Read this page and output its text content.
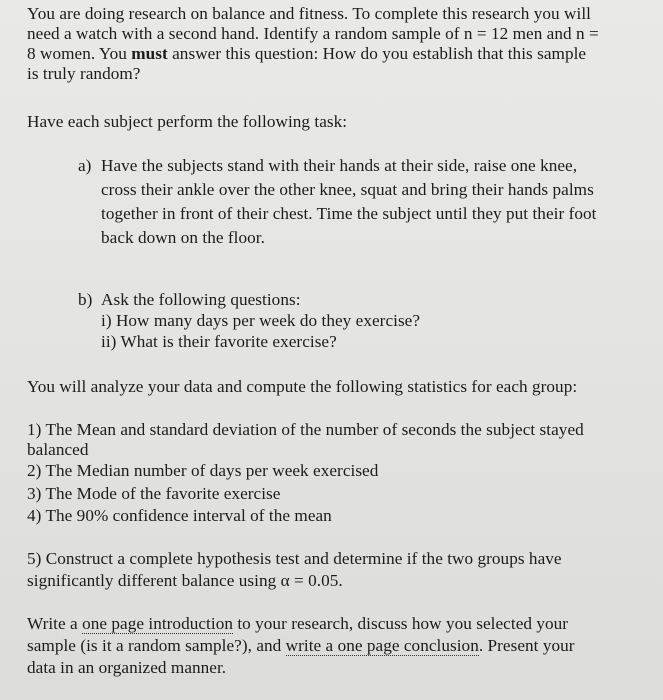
You are doing research on balance and fitness. To complete this research you will
need a watch with a second hand. Identify a random sample of n = 12 men and n =
8 women. You must answer this question: How do you establish that this sample
is truly random?
Have each subject perform the following task:
a) Have the subjects stand with their hands at their side, raise one knee,
cross their ankle over the other knee, squat and bring their hands palms
together in front of their chest. Time the subject until they put their foot
back down on the floor.
b) Ask the following questions:
i) How many days per week do they exercise?
ii) What is their favorite exercise?
You will analyze your data and compute the following statistics for each group:
1) The Mean and standard deviation of the number of seconds the subject stayed
balanced
2) The Median number of days per week exercised
3) The Mode of the favorite exercise
4) The 90% confidence interval of the mean
5) Construct a complete hypothesis test and determine if the two groups have
significantly different balance using α = 0.05.
Write a one page introduction to your research, discuss how you selected your
sample (is it a random sample?), and write a one page conclusion. Present your
data in an organized manner.
